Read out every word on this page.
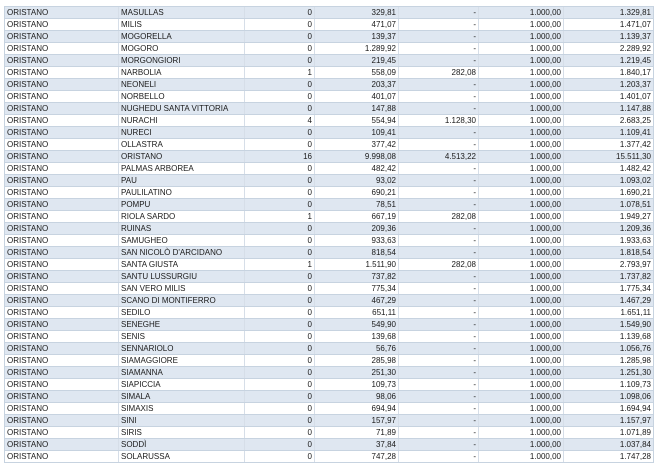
ORISTANO	MASULLAS	0	329,81	-	1.000,00	1.329,81
ORISTANO	MILIS	0	471,07	-	1.000,00	1.471,07
ORISTANO	MOGORELLA	0	139,37	-	1.000,00	1.139,37
ORISTANO	MOGORO	0	1.289,92	-	1.000,00	2.289,92
ORISTANO	MORGONGIORI	0	219,45	-	1.000,00	1.219,45
ORISTANO	NARBOLIA	1	558,09	282,08	1.000,00	1.840,17
ORISTANO	NEONELI	0	203,37	-	1.000,00	1.203,37
ORISTANO	NORBELLO	0	401,07	-	1.000,00	1.401,07
ORISTANO	NUGHEDU SANTA VITTORIA	0	147,88	-	1.000,00	1.147,88
ORISTANO	NURACHI	4	554,94	1.128,30	1.000,00	2.683,25
ORISTANO	NURECI	0	109,41	-	1.000,00	1.109,41
ORISTANO	OLLASTRA	0	377,42	-	1.000,00	1.377,42
ORISTANO	ORISTANO	16	9.998,08	4.513,22	1.000,00	15.511,30
ORISTANO	PALMAS ARBOREA	0	482,42	-	1.000,00	1.482,42
ORISTANO	PAU	0	93,02	-	1.000,00	1.093,02
ORISTANO	PAULILATINO	0	690,21	-	1.000,00	1.690,21
ORISTANO	POMPU	0	78,51	-	1.000,00	1.078,51
ORISTANO	RIOLA SARDO	1	667,19	282,08	1.000,00	1.949,27
ORISTANO	RUINAS	0	209,36	-	1.000,00	1.209,36
ORISTANO	SAMUGHEO	0	933,63	-	1.000,00	1.933,63
ORISTANO	SAN NICOLÒ D'ARCIDANO	0	818,54	-	1.000,00	1.818,54
ORISTANO	SANTA GIUSTA	1	1.511,90	282,08	1.000,00	2.793,97
ORISTANO	SANTU LUSSURGIU	0	737,82	-	1.000,00	1.737,82
ORISTANO	SAN VERO MILIS	0	775,34	-	1.000,00	1.775,34
ORISTANO	SCANO DI MONTIFERRO	0	467,29	-	1.000,00	1.467,29
ORISTANO	SEDILO	0	651,11	-	1.000,00	1.651,11
ORISTANO	SENEGHE	0	549,90	-	1.000,00	1.549,90
ORISTANO	SENIS	0	139,68	-	1.000,00	1.139,68
ORISTANO	SENNARIOLO	0	56,76	-	1.000,00	1.056,76
ORISTANO	SIAMAGGIORE	0	285,98	-	1.000,00	1.285,98
ORISTANO	SIAMANNA	0	251,30	-	1.000,00	1.251,30
ORISTANO	SIAPICCIA	0	109,73	-	1.000,00	1.109,73
ORISTANO	SIMALA	0	98,06	-	1.000,00	1.098,06
ORISTANO	SIMAXIS	0	694,94	-	1.000,00	1.694,94
ORISTANO	SINI	0	157,97	-	1.000,00	1.157,97
ORISTANO	SIRIS	0	71,89	-	1.000,00	1.071,89
ORISTANO	SODDÌ	0	37,84	-	1.000,00	1.037,84
ORISTANO	SOLARUSSA	0	747,28	-	1.000,00	1.747,28
